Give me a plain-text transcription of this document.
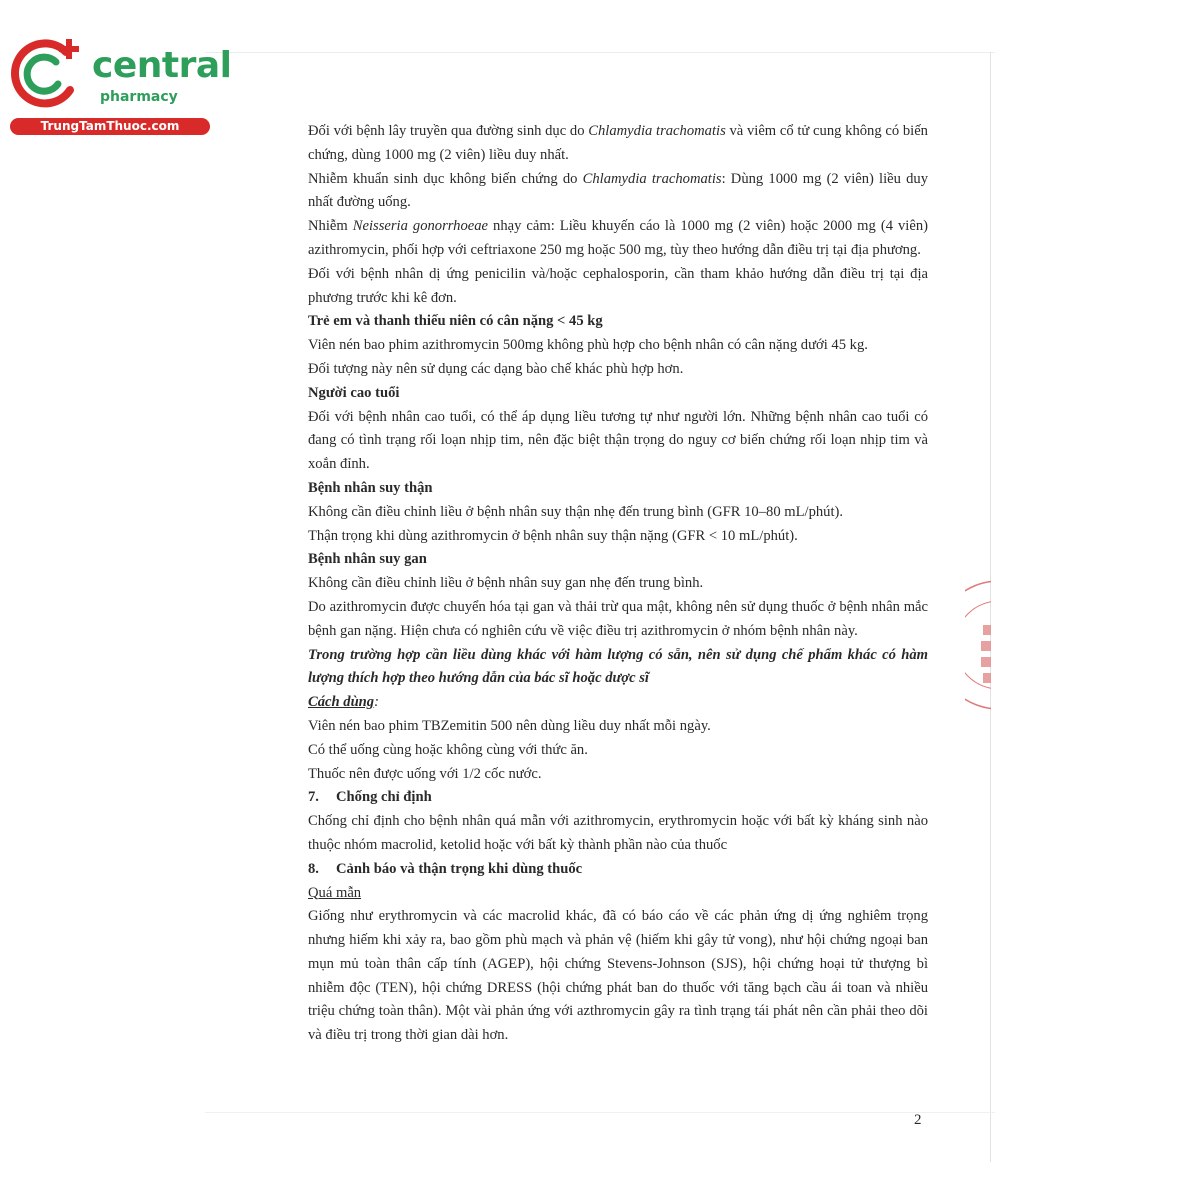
central
pharmacy
TrungTamThuoc.com	Đối với bệnh lây truyền qua đường sinh dục do Chlamydia trachomatis và viêm cổ tử cung không có biến chứng, dùng 1000 mg (2 viên) liều duy nhất.

Nhiễm khuẩn sinh dục không biến chứng do Chlamydia trachomatis: Dùng 1000 mg (2 viên) liều duy nhất đường uống.

Nhiễm Neisseria gonorrhoeae nhạy cảm: Liều khuyến cáo là 1000 mg (2 viên) hoặc 2000 mg (4 viên) azithromycin, phối hợp với ceftriaxone 250 mg hoặc 500 mg, tùy theo hướng dẫn điều trị tại địa phương.

Đối với bệnh nhân dị ứng penicilin và/hoặc cephalosporin, cần tham khảo hướng dẫn điều trị tại địa phương trước khi kê đơn.

Trẻ em và thanh thiếu niên có cân nặng < 45 kg

Viên nén bao phim azithromycin 500mg không phù hợp cho bệnh nhân có cân nặng dưới 45 kg.

Đối tượng này nên sử dụng các dạng bào chế khác phù hợp hơn.

Người cao tuổi

Đối với bệnh nhân cao tuổi, có thể áp dụng liều tương tự như người lớn. Những bệnh nhân cao tuổi có đang có tình trạng rối loạn nhịp tim, nên đặc biệt thận trọng do nguy cơ biến chứng rối loạn nhịp tim và xoắn đỉnh.

Bệnh nhân suy thận

Không cần điều chỉnh liều ở bệnh nhân suy thận nhẹ đến trung bình (GFR 10–80 mL/phút).

Thận trọng khi dùng azithromycin ở bệnh nhân suy thận nặng (GFR < 10 mL/phút).

Bệnh nhân suy gan

Không cần điều chỉnh liều ở bệnh nhân suy gan nhẹ đến trung bình.

Do azithromycin được chuyển hóa tại gan và thải trừ qua mật, không nên sử dụng thuốc ở bệnh nhân mắc bệnh gan nặng. Hiện chưa có nghiên cứu về việc điều trị azithromycin ở nhóm bệnh nhân này.

Trong trường hợp cần liều dùng khác với hàm lượng có sẵn, nên sử dụng chế phẩm khác có hàm lượng thích hợp theo hướng dẫn của bác sĩ hoặc dược sĩ

Cách dùng:

Viên nén bao phim TBZemitin 500 nên dùng liều duy nhất mỗi ngày.

Có thể uống cùng hoặc không cùng với thức ăn.

Thuốc nên được uống với 1/2 cốc nước.

7. Chống chỉ định

Chống chỉ định cho bệnh nhân quá mẫn với azithromycin, erythromycin hoặc với bất kỳ kháng sinh nào thuộc nhóm macrolid, ketolid hoặc với bất kỳ thành phần nào của thuốc

8. Cảnh báo và thận trọng khi dùng thuốc

Quá mẫn

Giống như erythromycin và các macrolid khác, đã có báo cáo về các phản ứng dị ứng nghiêm trọng nhưng hiếm khi xảy ra, bao gồm phù mạch và phản vệ (hiếm khi gây tử vong), như hội chứng ngoại ban mụn mủ toàn thân cấp tính (AGEP), hội chứng Stevens-Johnson (SJS), hội chứng hoại tử thượng bì nhiễm độc (TEN), hội chứng DRESS (hội chứng phát ban do thuốc với tăng bạch cầu ái toan và nhiều triệu chứng toàn thân). Một vài phản ứng với azthromycin gây ra tình trạng tái phát nên cần phải theo dõi và điều trị trong thời gian dài hơn.

2
